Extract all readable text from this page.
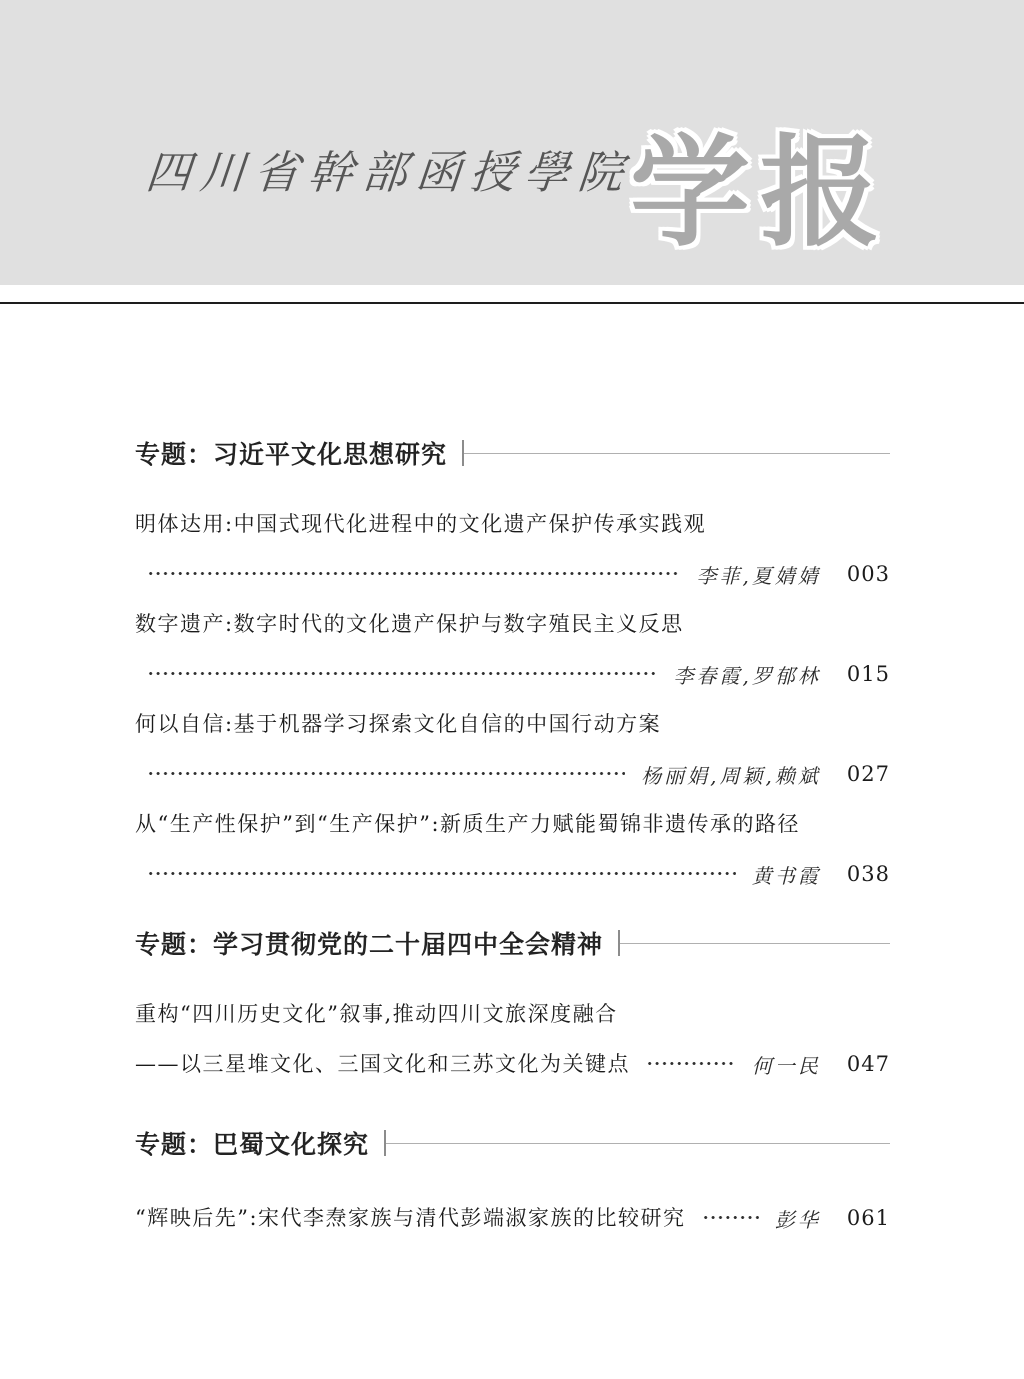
四川省幹部函授學院
学报
专题：习近平文化思想研究
明体达用:中国式现代化进程中的文化遗产保护传承实践观
李菲,夏婧婧 003
数字遗产:数字时代的文化遗产保护与数字殖民主义反思
李春霞,罗郁林 015
何以自信:基于机器学习探索文化自信的中国行动方案
杨丽娟,周颖,赖斌 027
从“生产性保护”到“生产保护”:新质生产力赋能蜀锦非遗传承的路径
黄书霞 038
专题：学习贯彻党的二十届四中全会精神
重构“四川历史文化”叙事,推动四川文旅深度融合
——以三星堆文化、三国文化和三苏文化为关键点	何一民 047
专题：巴蜀文化探究
“辉映后先”:宋代李焘家族与清代彭端淑家族的比较研究	彭华 061
